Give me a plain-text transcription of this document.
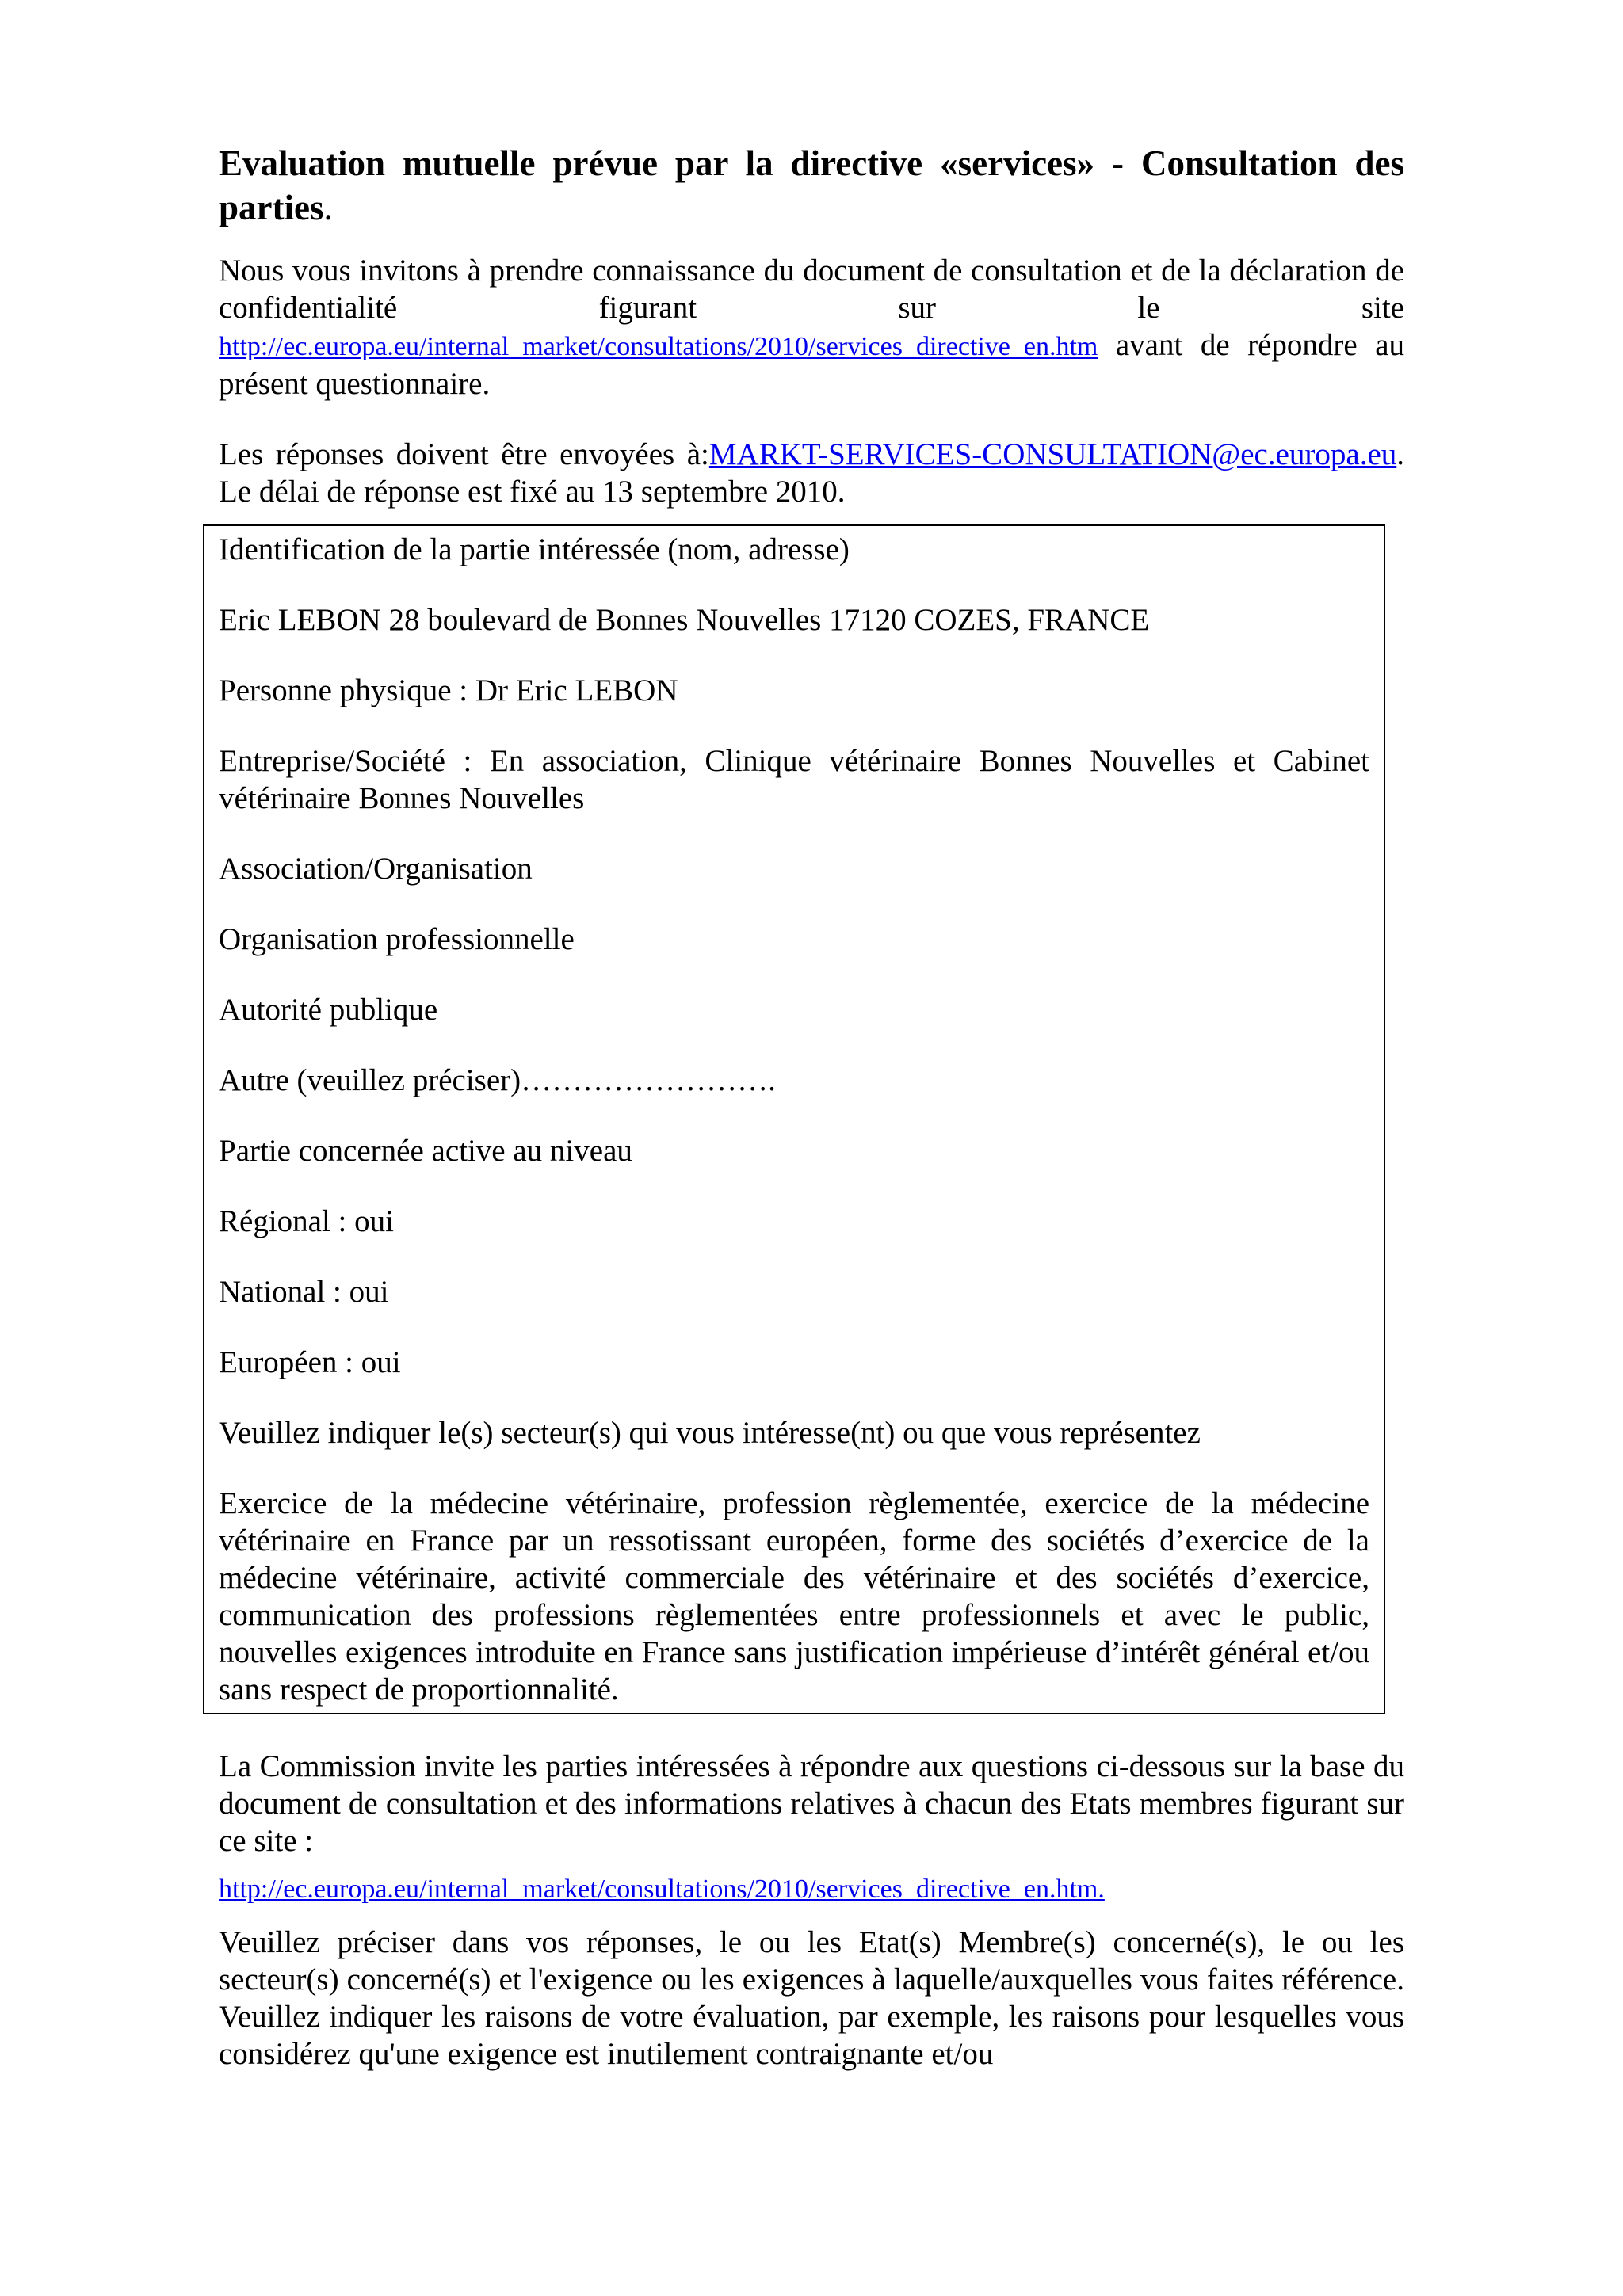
Evaluation mutuelle prévue par la directive «services» - Consultation des parties.

Nous vous invitons à prendre connaissance du document de consultation et de la déclaration de confidentialité figurant sur le site http://ec.europa.eu/internal_market/consultations/2010/services_directive_en.htm avant de répondre au présent questionnaire.

Les réponses doivent être envoyées à:MARKT-SERVICES-CONSULTATION@ec.europa.eu.

Le délai de réponse est fixé au 13 septembre 2010.

Identification de la partie intéressée (nom, adresse)

Eric LEBON 28 boulevard de Bonnes Nouvelles 17120 COZES, FRANCE

Personne physique : Dr Eric LEBON

Entreprise/Société : En association, Clinique vétérinaire Bonnes Nouvelles et Cabinet vétérinaire Bonnes Nouvelles

Association/Organisation

Organisation professionnelle

Autorité publique

Autre (veuillez préciser)…………………….

Partie concernée active au niveau

Régional : oui

National : oui

Européen : oui

Veuillez indiquer le(s) secteur(s) qui vous intéresse(nt) ou que vous représentez

Exercice de la médecine vétérinaire, profession règlementée, exercice de la médecine vétérinaire en France par un ressotissant européen, forme des sociétés d’exercice de la médecine vétérinaire, activité commerciale des vétérinaire et des sociétés d’exercice, communication des professions règlementées entre professionnels et avec le public, nouvelles exigences introduite en France sans justification impérieuse d’intérêt général et/ou sans respect de proportionnalité.

La Commission invite les parties intéressées à répondre aux questions ci-dessous sur la base du document de consultation et des informations relatives à chacun des Etats membres figurant sur ce site :

http://ec.europa.eu/internal_market/consultations/2010/services_directive_en.htm.

Veuillez préciser dans vos réponses, le ou les Etat(s) Membre(s) concerné(s), le ou les secteur(s) concerné(s) et l'exigence ou les exigences à laquelle/auxquelles vous faites référence. Veuillez indiquer les raisons de votre évaluation, par exemple, les raisons pour lesquelles vous considérez qu'une exigence est inutilement contraignante et/ou
